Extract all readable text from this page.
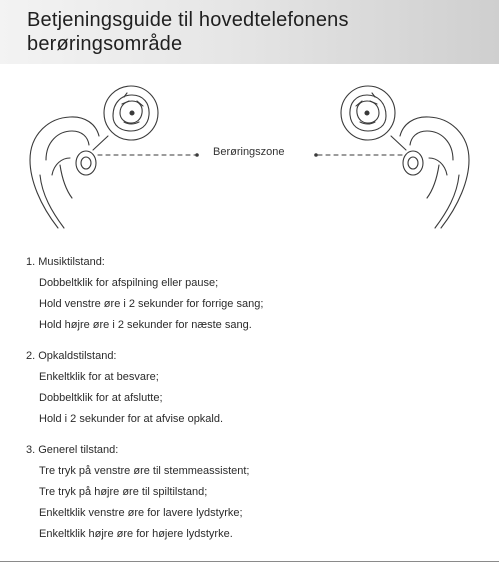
Betjeningsguide til hovedtelefonens
berøringsområde
Berøringszone
1. Musiktilstand:
Dobbeltklik for afspilning eller pause;
Hold venstre øre i 2 sekunder for forrige sang;
Hold højre øre i 2 sekunder for næste sang.
2. Opkaldstilstand:
Enkeltklik for at besvare;
Dobbeltklik for at afslutte;
Hold i 2 sekunder for at afvise opkald.
3. Generel tilstand:
Tre tryk på venstre øre til stemmeassistent;
Tre tryk på højre øre til spiltilstand;
Enkeltklik venstre øre for lavere lydstyrke;
Enkeltklik højre øre for højere lydstyrke.
